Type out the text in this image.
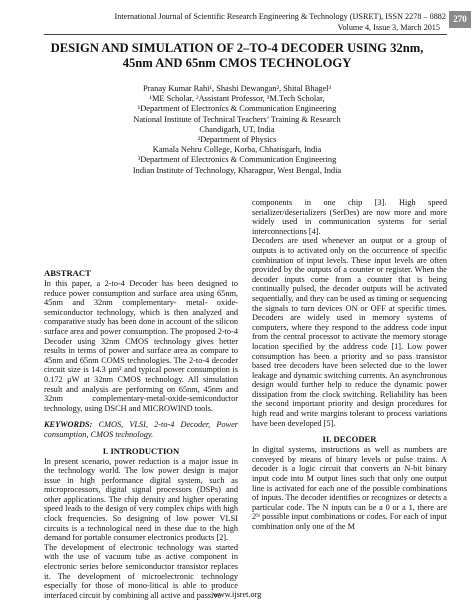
International Journal of Scientific Research Engineering & Technology (IJSRET), ISSN 2278 – 0882
Volume 4, Issue 3, March 2015
270
DESIGN AND SIMULATION OF 2–TO-4 DECODER USING 32nm,
45nm AND 65nm CMOS TECHNOLOGY
Pranay Kumar Rahi¹, Shashi Dewangan², Shital Bhagel³
¹ME Scholar, ²Assistant Professor, ³M.Tech Scholar,
¹Department of Electronics & Communication Engineering
National Institute of Technical Teachers’ Training & Research
Chandigarh, UT, India
²Department of Physics
Kamala Nehru College, Korba, Chhatisgarh, India
³Department of Electronics & Communication Engineering
Indian Institute of Technology, Kharagpur, West Bengal, India

ABSTRACT

In this paper, a 2-to-4 Decoder has been designed to reduce power consumption and surface area using 65nm, 45nm and 32nm complementary- metal- oxide-semiconductor technology, which is then analyzed and comparative study has been done in account of the silicon surface area and power consumption. The proposed 2-to-4 Decoder using 32nm CMOS technology gives better results in terms of power and surface area as compare to 45nm and 65nm COMS technologies. The 2-to-4 decoder circuit size is 14.3 μm² and typical power consumption is 0.172 μW at 32nm CMOS technology. All simulation result and analysis are performing on 65nm, 45nm and 32nm complementary-metal-oxide-semiconductor technology, using DSCH and MICROWIND tools.

KEYWORDS: CMOS, VLSI, 2-to-4 Decoder, Power consumption, CMOS technology.

I. INTRODUCTION

In present scenario, power reduction is a major issue in the technology world. The low power design is major issue in high performance digital system, such as microprocessors, digital signal processors (DSPs) and other applications. The chip density and higher operating speed leads to the design of very complex chips with high clock frequencies. So designing of low power VLSI circuits is a technological need in these due to the high demand for portable consumer electronics products [2].

The development of electronic technology was started with the use of vacuum tube as active component in electronic series before semiconductor transistor replaces it. The development of microelectronic technology especially for those of mono-litical is able to produce interfaced circuit by combining all active and passive

components in one chip [3]. High speed serializer/deserializers (SerDes) are now more and more widely used in communication systems for serial interconnections [4].

Decoders are used whenever an output or a group of outputs is to activated only on the occurrence of specific combination of input levels. These input levels are often provided by the outputs of a counter or register. When the decoder inputs come from a counter that is being continually pulsed, the decoder outputs will be activated sequentially, and they can be used as timing or sequencing the signals to turn devices ON or OFF at specific times. Decoders are widely used in memory systems of computers, where they respond to the address code input from the central processor to activate the memory storage location specified by the address code [1]. Low power consumption has been a priority and so pass transistor based tree decoders have been selected due to the lower leakage and dynamic switching currents. An asynchronous design would further help to reduce the dynamic power dissipation from the clock switching. Reliability has been the second important priority and design procedures for high read and write margins tolerant to process variations have been developed [5].

II. DECODER

In digital systems, instructions as well as numbers are conveyed by means of binary levels or pulse trains. A decoder is a logic circuit that converts an N-bit binary input code into M output lines such that only one output line is activated for each one of the possible combinations of inputs. The decoder identifies or recognizes or detects a particular code. The N inputs can be a 0 or a 1, there are 2ᴺ possible input combinations or codes. For each of input combination only one of the M

www.ijsret.org
